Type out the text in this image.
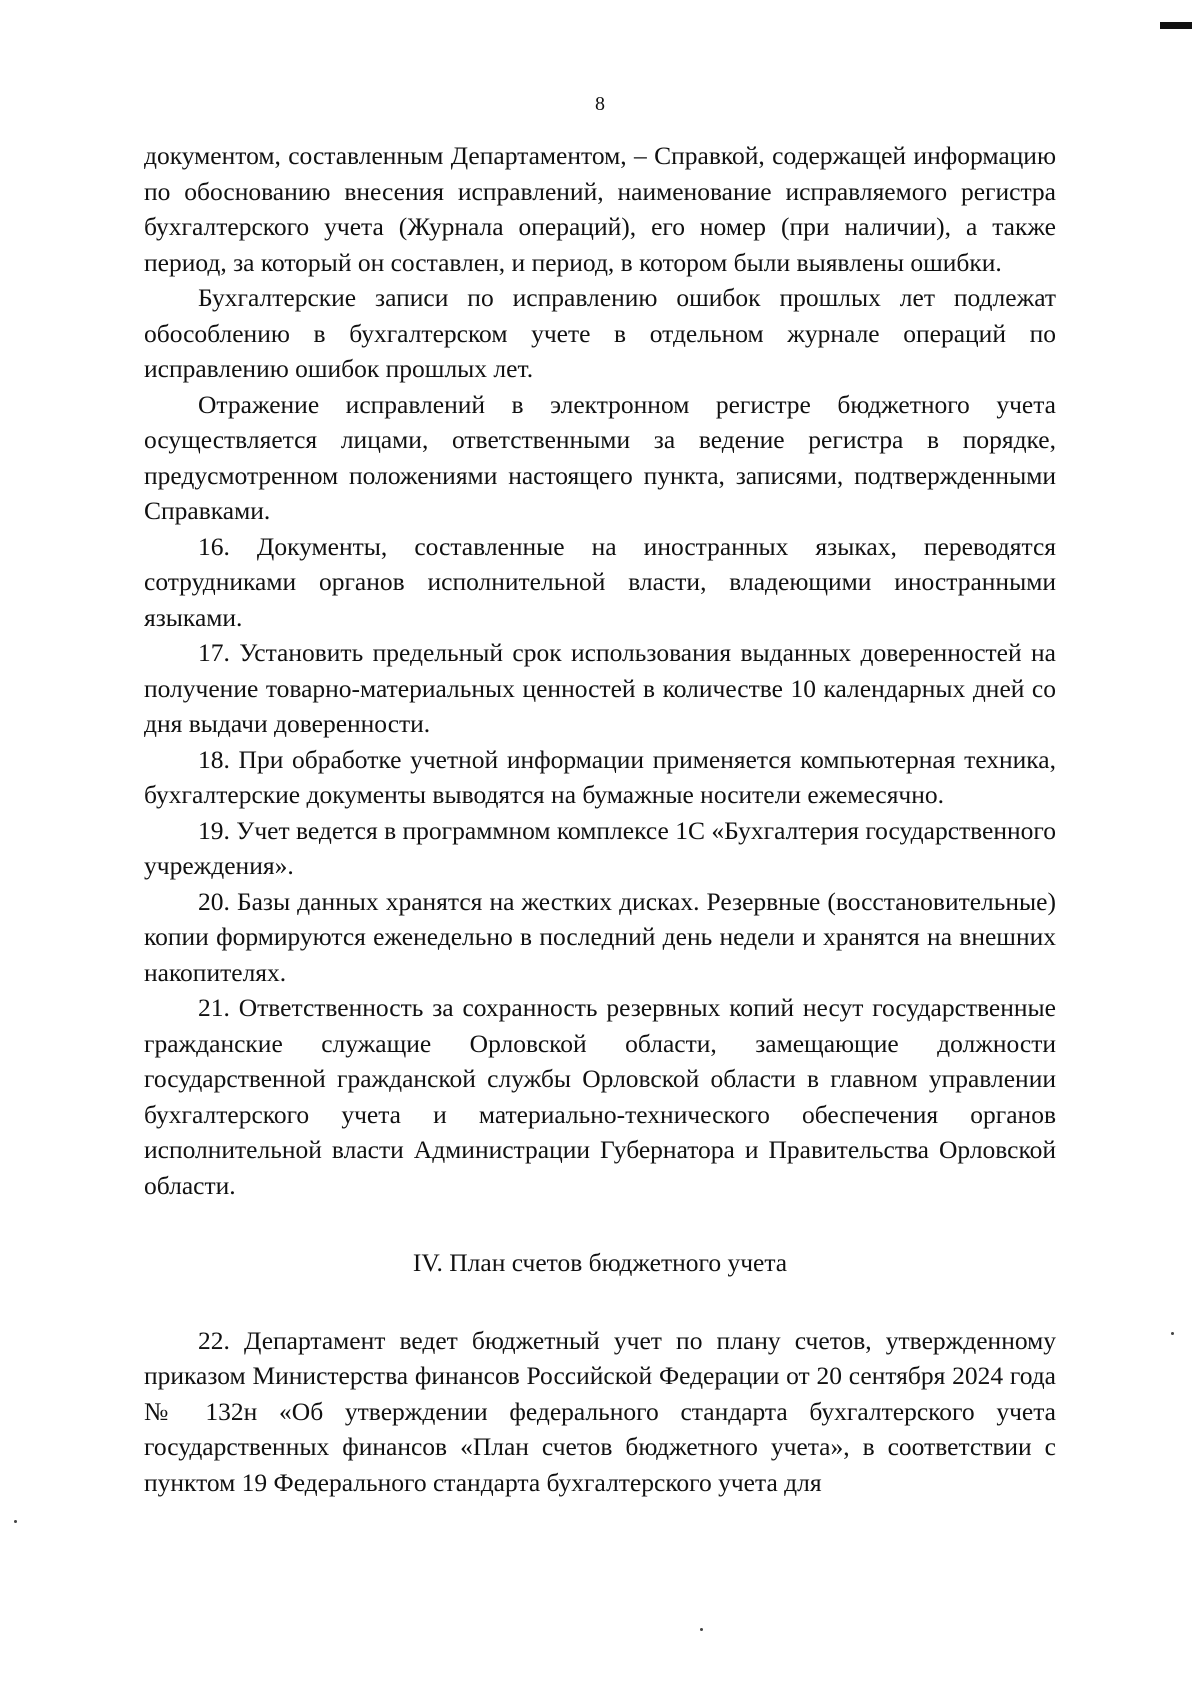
8

документом, составленным Департаментом, – Справкой, содержащей информацию по обоснованию внесения исправлений, наименование исправляемого регистра бухгалтерского учета (Журнала операций), его номер (при наличии), а также период, за который он составлен, и период, в котором были выявлены ошибки.

Бухгалтерские записи по исправлению ошибок прошлых лет подлежат обособлению в бухгалтерском учете в отдельном журнале операций по исправлению ошибок прошлых лет.

Отражение исправлений в электронном регистре бюджетного учета осуществляется лицами, ответственными за ведение регистра в порядке, предусмотренном положениями настоящего пункта, записями, подтвержденными Справками.

16. Документы, составленные на иностранных языках, переводятся сотрудниками органов исполнительной власти, владеющими иностранными языками.

17. Установить предельный срок использования выданных доверенностей на получение товарно-материальных ценностей в количестве 10 календарных дней со дня выдачи доверенности.

18. При обработке учетной информации применяется компьютерная техника, бухгалтерские документы выводятся на бумажные носители ежемесячно.

19. Учет ведется в программном комплексе 1С «Бухгалтерия государственного учреждения».

20. Базы данных хранятся на жестких дисках. Резервные (восстановительные) копии формируются еженедельно в последний день недели и хранятся на внешних накопителях.

21. Ответственность за сохранность резервных копий несут государственные гражданские служащие Орловской области, замещающие должности государственной гражданской службы Орловской области в главном управлении бухгалтерского учета и материально-технического обеспечения органов исполнительной власти Администрации Губернатора и Правительства Орловской области.

IV. План счетов бюджетного учета

22. Департамент ведет бюджетный учет по плану счетов, утвержденному приказом Министерства финансов Российской Федерации от 20 сентября 2024 года № 132н «Об утверждении федерального стандарта бухгалтерского учета государственных финансов «План счетов бюджетного учета», в соответствии с пунктом 19 Федерального стандарта бухгалтерского учета для
